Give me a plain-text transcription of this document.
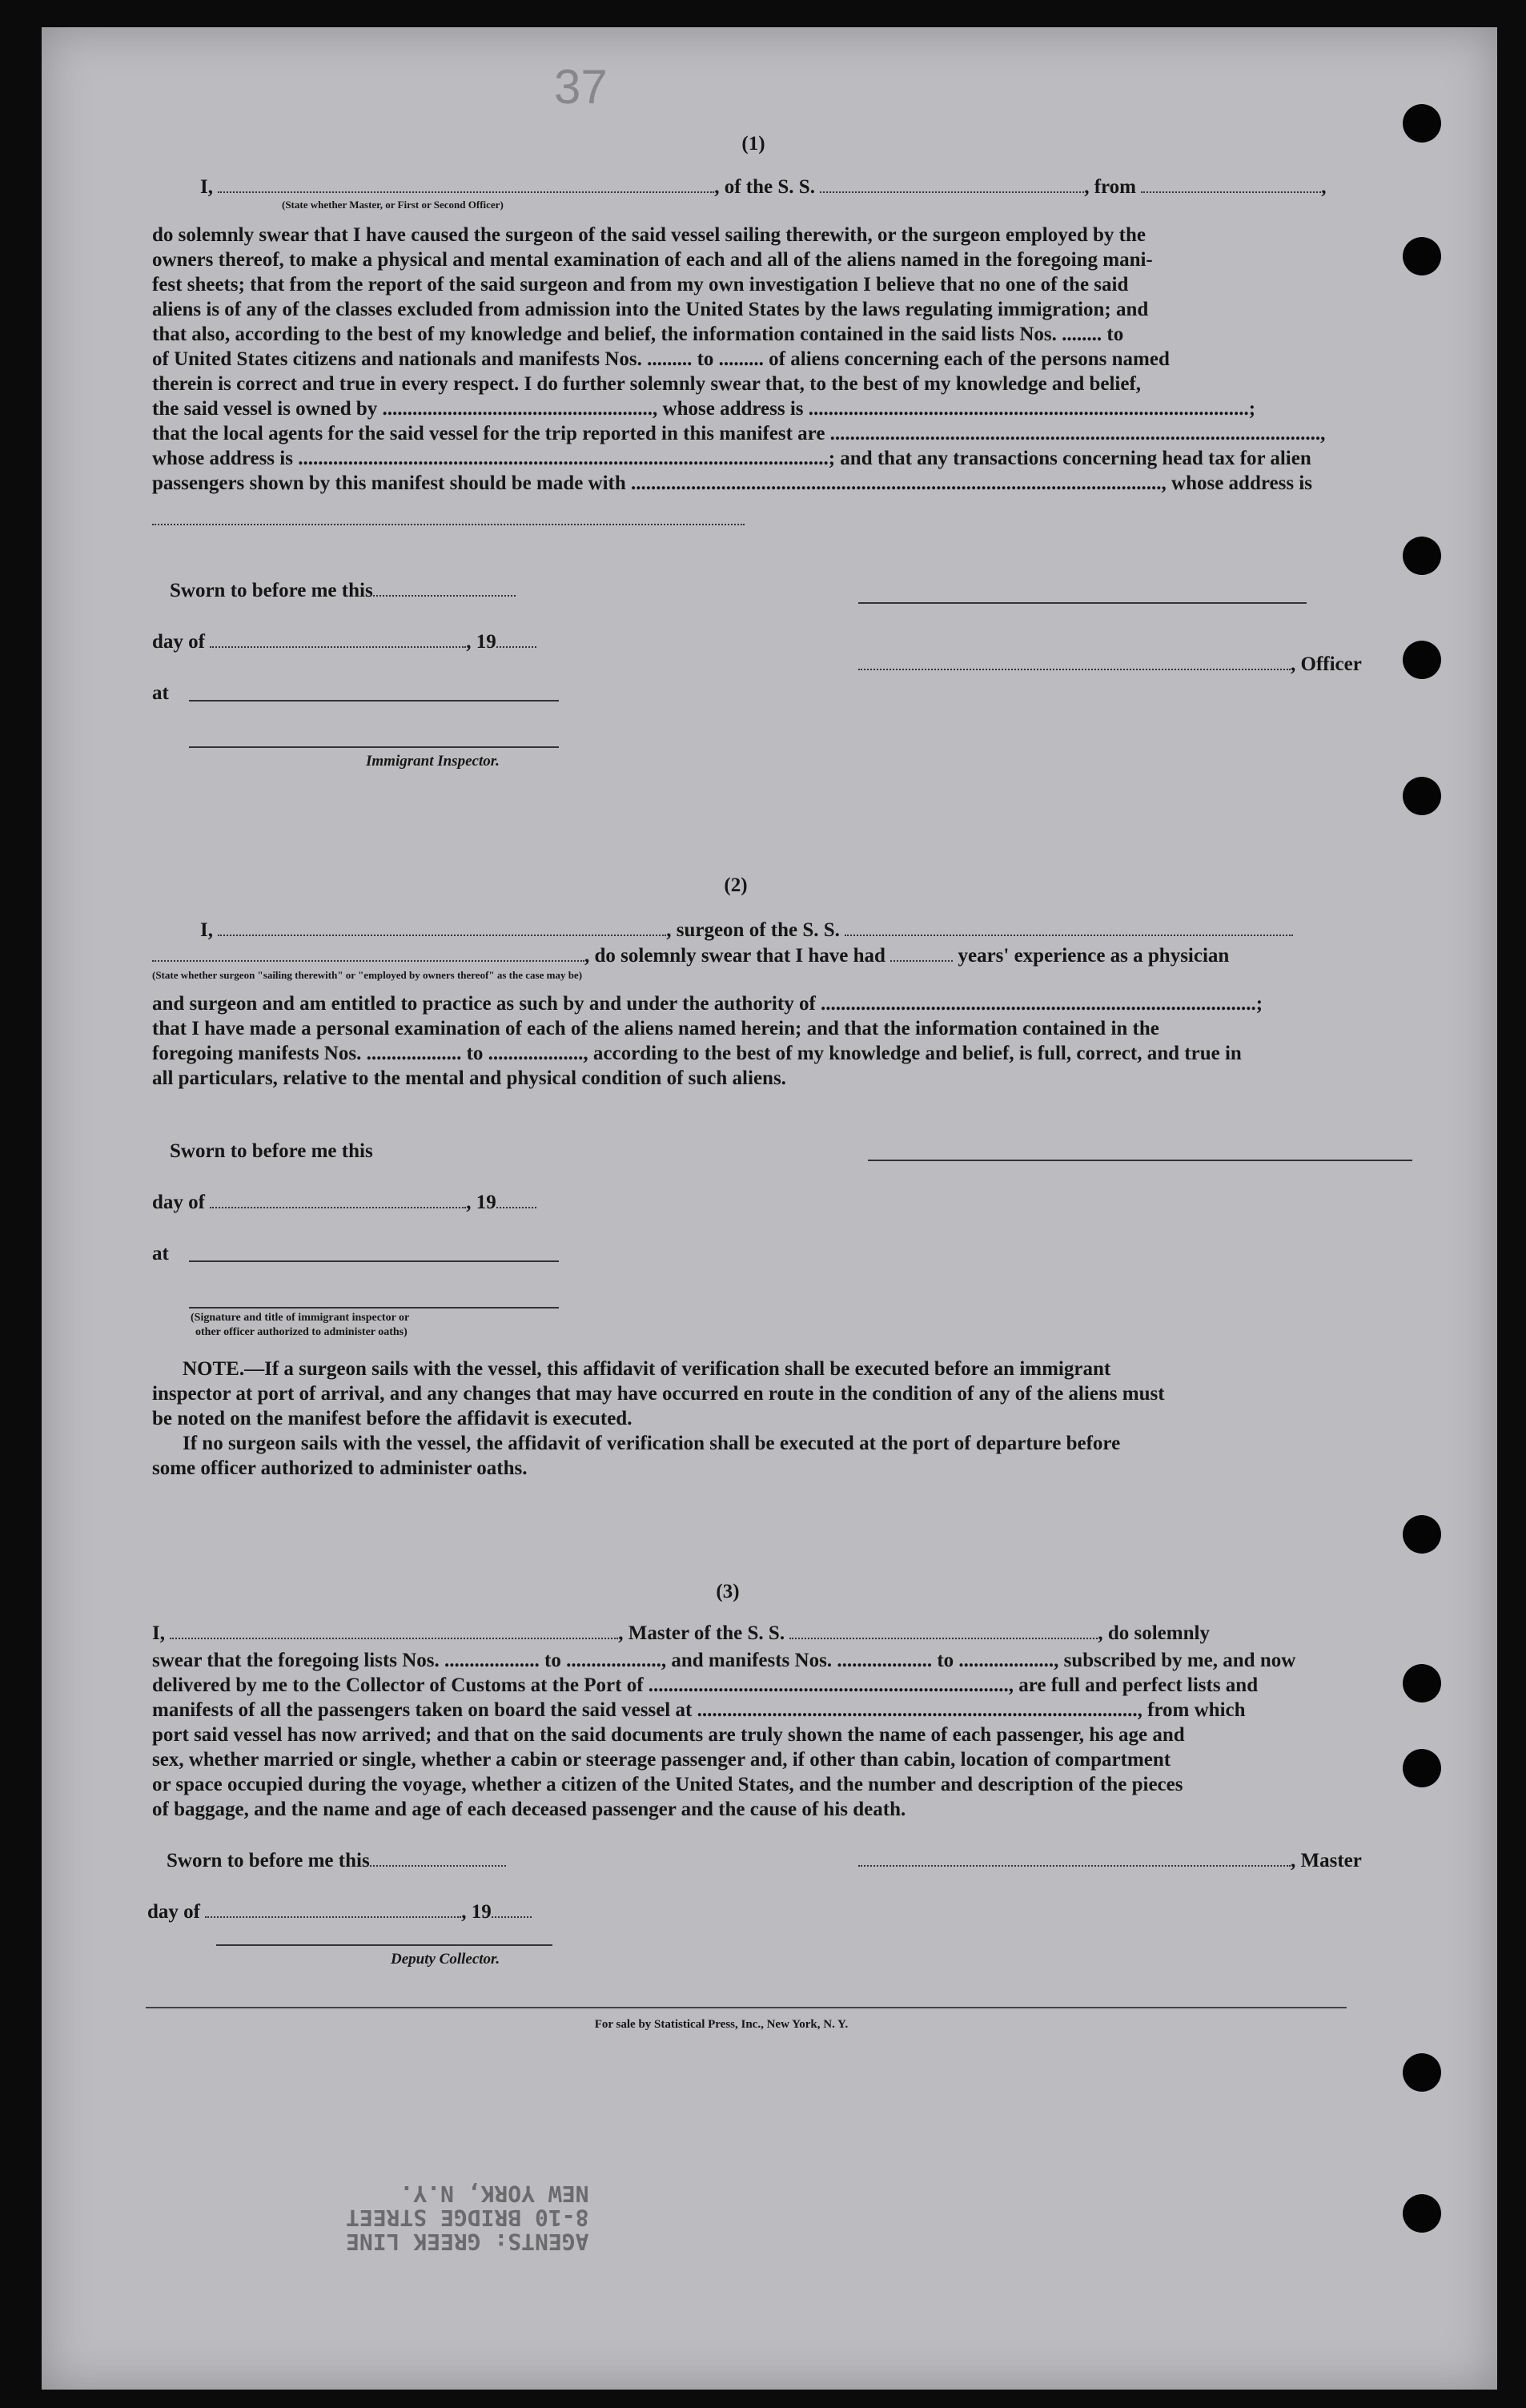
37
(1)
I,	, of the S. S.	, from	,
(State whether Master, or First or Second Officer)
do solemnly swear that I have caused the surgeon of the said vessel sailing therewith, or the surgeon employed by the
owners thereof, to make a physical and mental examination of each and all of the aliens named in the foregoing mani-
fest sheets; that from the report of the said surgeon and from my own investigation I believe that no one of the said
aliens is of any of the classes excluded from admission into the United States by the laws regulating immigration; and
that also, according to the best of my knowledge and belief, the information contained in the said lists Nos. ........ to
of United States citizens and nationals and manifests Nos. ......... to ......... of aliens concerning each of the persons named
therein is correct and true in every respect. I do further solemnly swear that, to the best of my knowledge and belief,
the said vessel is owned by ......................................................, whose address is ........................................................................................;
that the local agents for the said vessel for the trip reported in this manifest are ..................................................................................................,
whose address is ..........................................................................................................; and that any transactions concerning head tax for alien
passengers shown by this manifest should be made with .........................................................................................................., whose address is
Sworn to before me this
day of	, 19
at
Immigrant Inspector.
, Officer
(2)
I,	, surgeon of the S. S.
, do solemnly swear that I have had	years' experience as a physician
(State whether surgeon "sailing therewith" or "employed by owners thereof" as the case may be)
and surgeon and am entitled to practice as such by and under the authority of .......................................................................................;
that I have made a personal examination of each of the aliens named herein; and that the information contained in the
foregoing manifests Nos. ................... to ..................., according to the best of my knowledge and belief, is full, correct, and true in
all particulars, relative to the mental and physical condition of such aliens.
Sworn to before me this
day of	, 19
at
(Signature and title of immigrant inspector or
other officer authorized to administer oaths)
NOTE.—If a surgeon sails with the vessel, this affidavit of verification shall be executed before an immigrant
inspector at port of arrival, and any changes that may have occurred en route in the condition of any of the aliens must
be noted on the manifest before the affidavit is executed.
If no surgeon sails with the vessel, the affidavit of verification shall be executed at the port of departure before
some officer authorized to administer oaths.
(3)
I,	, Master of the S. S.	, do solemnly
swear that the foregoing lists Nos. ................... to ..................., and manifests Nos. ................... to ..................., subscribed by me, and now
delivered by me to the Collector of Customs at the Port of ........................................................................, are full and perfect lists and
manifests of all the passengers taken on board the said vessel at ........................................................................................, from which
port said vessel has now arrived; and that on the said documents are truly shown the name of each passenger, his age and
sex, whether married or single, whether a cabin or steerage passenger and, if other than cabin, location of compartment
or space occupied during the voyage, whether a citizen of the United States, and the number and description of the pieces
of baggage, and the name and age of each deceased passenger and the cause of his death.
Sworn to before me this	, Master
day of	, 19
Deputy Collector.
For sale by Statistical Press, Inc., New York, N. Y.
AGENTS: GREEK LINE
8-10 BRIDGE STREET
NEW YORK, N.Y.
